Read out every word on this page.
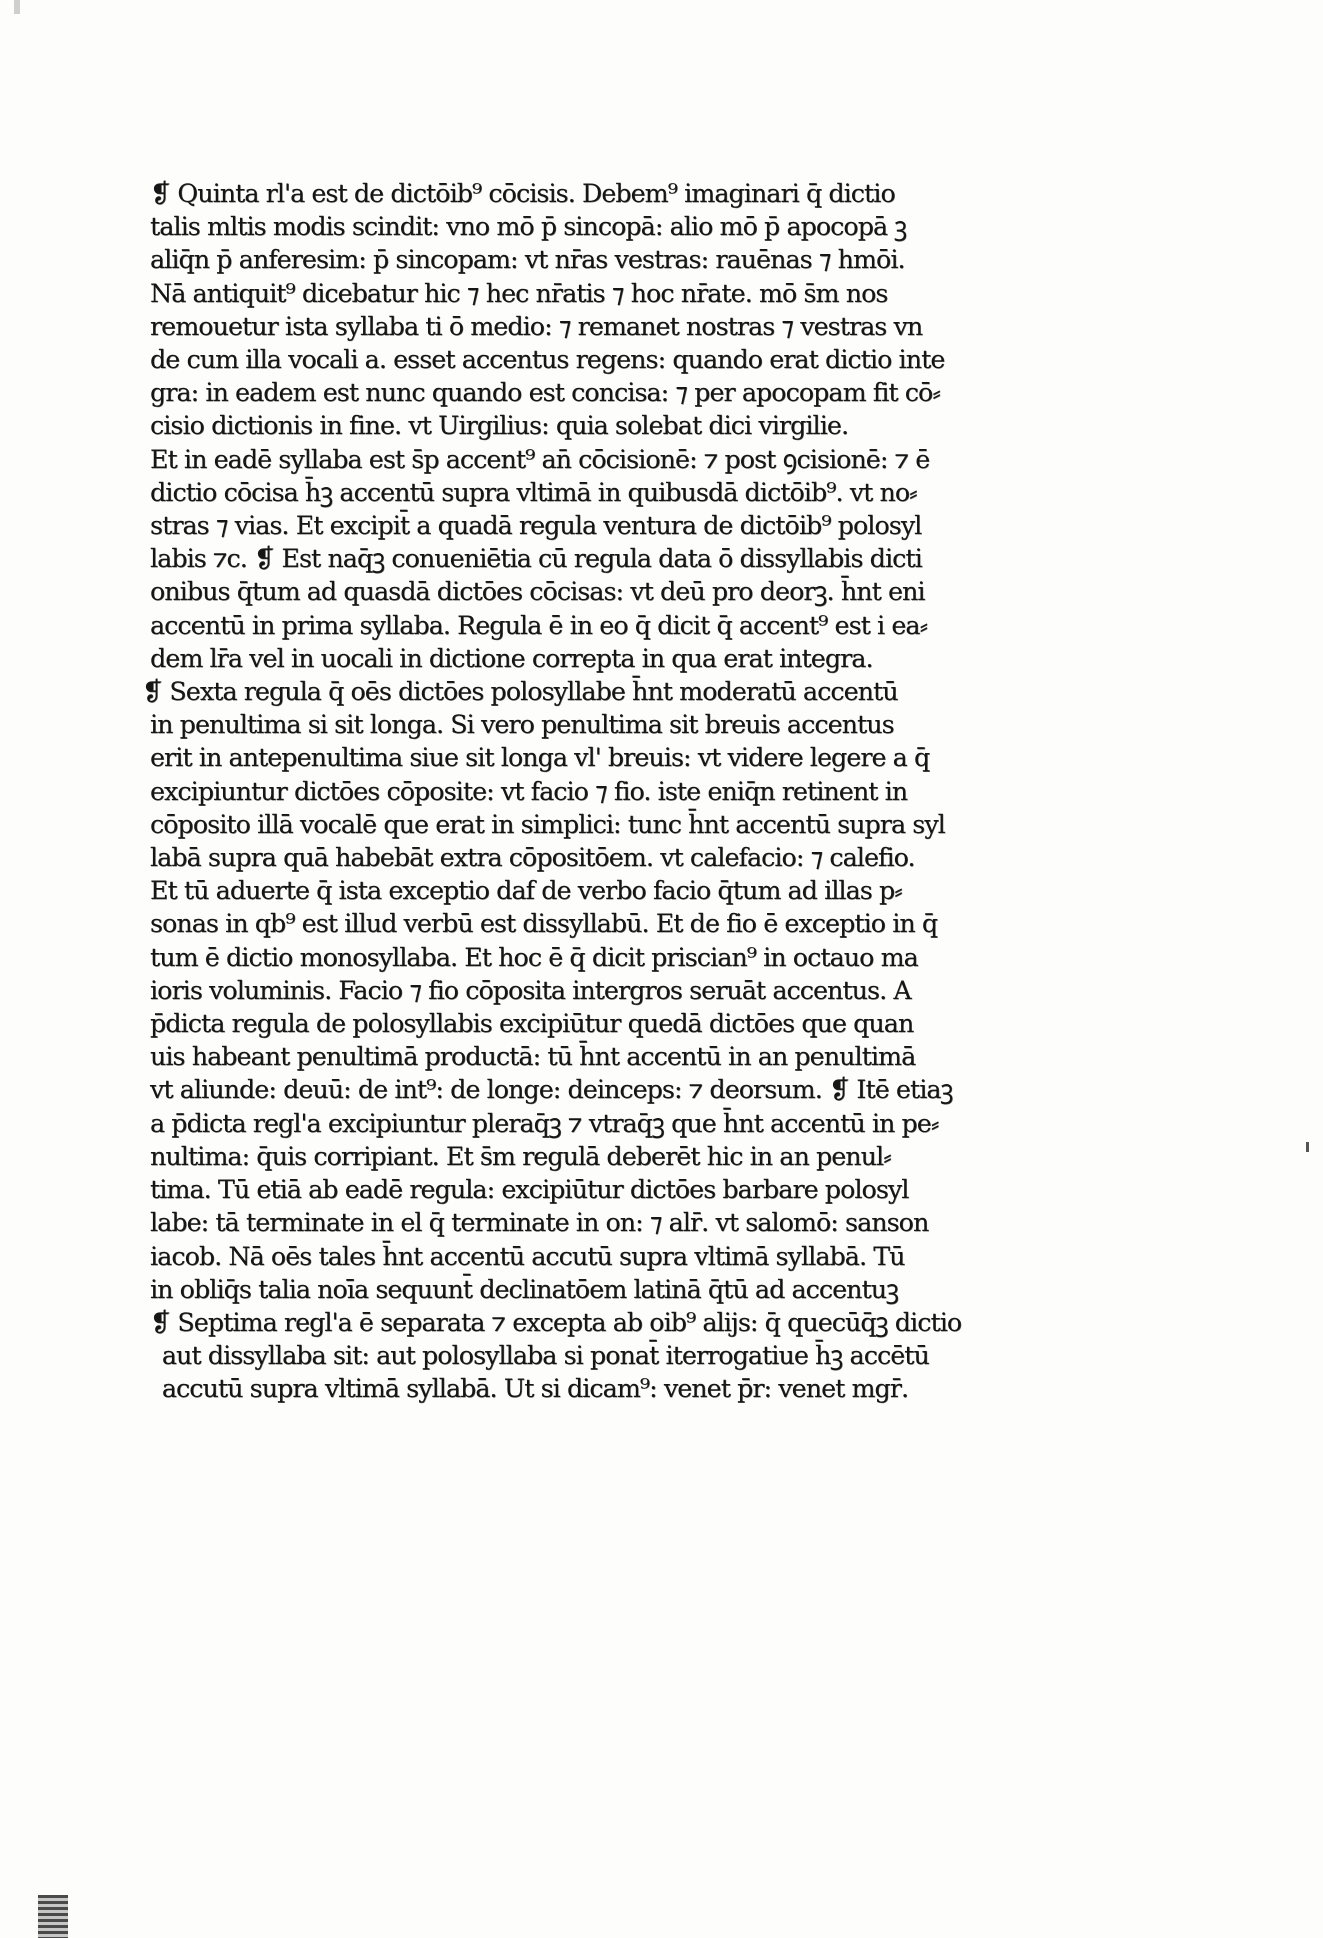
❡ Quinta rl'a est de dictōib⁹ cōcisis. Debem⁹ imaginari q̄ dictio
talis mltis modis scindit: vno mō p̄ sincopā: alio mō p̄ apocopā ꝫ
aliq̄n p̄ anferesim: p̄ sincopam: vt nr̄as vestras: rauēnas ⁊ hmōi.
Nā antiquit⁹ dicebatur hic ⁊ hec nr̄atis ⁊ hoc nr̄ate. mō s̄m nos
remouetur ista syllaba ti ō medio: ⁊ remanet nostras ⁊ vestras vn
de cum illa vocali a. esset accentus regens: quando erat dictio inte
gra: in eadem est nunc quando est concisa: ⁊ per apocopam fit cō⸗
cisio dictionis in fine. vt Uirgilius: quia solebat dici virgilie.
Et in eadē syllaba est s̄p accent⁹ an̄ cōcisionē: ⁊ post ꝯcisionē: ⁊ ē
dictio cōcisa h̄ꝫ accentū supra vltimā in quibusdā dictōib⁹. vt no⸗
stras ⁊ vias. Et excipit̄ a quadā regula ventura de dictōib⁹ polosyl
labis ⁊c. ❡ Est naq̄ꝫ conueniētia cū regula data ō dissyllabis dicti
onibus q̄tum ad quasdā dictōes cōcisas: vt deū pro deorꝫ. h̄nt eni
accentū in prima syllaba. Regula ē in eo q̄ dicit q̄ accent⁹ est i ea⸗
dem lr̄a vel in uocali in dictione correpta in qua erat integra.
❡ Sexta regula q̄ oēs dictōes polosyllabe h̄nt moderatū accentū
in penultima si sit longa. Si vero penultima sit breuis accentus
erit in antepenultima siue sit longa vl' breuis: vt videre legere a q̄
excipiuntur dictōes cōposite: vt facio ⁊ fio. iste eniq̄n retinent in
cōposito illā vocalē que erat in simplici: tunc h̄nt accentū supra syl
labā supra quā habebāt extra cōpositōem. vt calefacio: ⁊ calefio.
Et tū aduerte q̄ ista exceptio daf de verbo facio q̄tum ad illas p⸗
sonas in qb⁹ est illud verbū est dissyllabū. Et de fio ē exceptio in q̄
tum ē dictio monosyllaba. Et hoc ē q̄ dicit priscian⁹ in octauo ma
ioris voluminis. Facio ⁊ fio cōposita intergros seruāt accentus. A
p̄dicta regula de polosyllabis excipiūtur quedā dictōes que quan
uis habeant penultimā productā: tū h̄nt accentū in an penultimā
vt aliunde: deuū: de int⁹: de longe: deinceps: ⁊ deorsum. ❡ Itē etiaꝫ
a p̄dicta regl'a excipiuntur pleraq̄ꝫ ⁊ vtraq̄ꝫ que h̄nt accentū in pe⸗
nultima: q̄uis corripiant. Et s̄m regulā deberēt hic in an penul⸗
tima. Tū etiā ab eadē regula: excipiūtur dictōes barbare polosyl
labe: tā terminate in el q̄ terminate in on: ⁊ alr̄. vt salomō: sanson
iacob. Nā oēs tales h̄nt accentū accutū supra vltimā syllabā. Tū
in obliq̄s talia noīa sequunt̄ declinatōem latinā q̄tū ad accentuꝫ
❡ Septima regl'a ē separata ⁊ excepta ab oib⁹ alijs: q̄ quecūq̄ꝫ dictio
aut dissyllaba sit: aut polosyllaba si ponat̄ iterrogatiue h̄ꝫ accētū
accutū supra vltimā syllabā. Ut si dicam⁹: venet p̄r: venet mgr̄.
